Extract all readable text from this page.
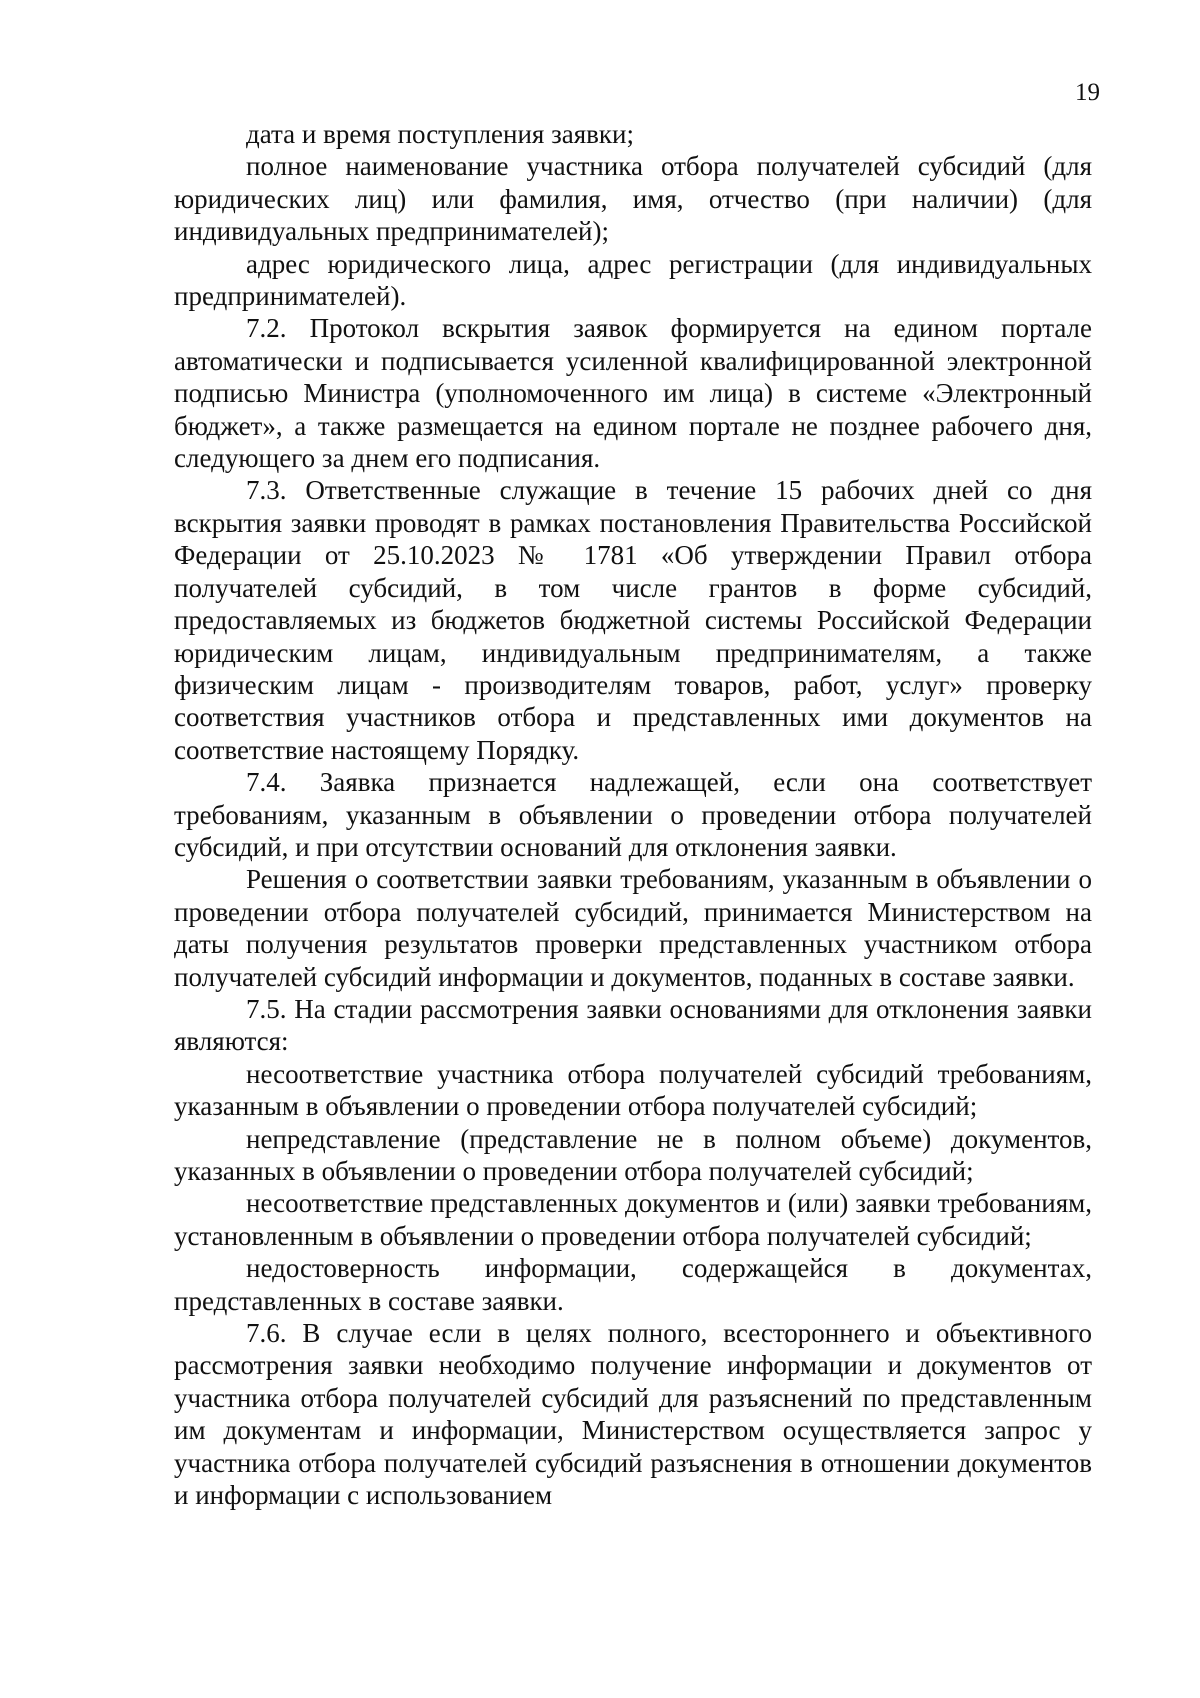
19

дата и время поступления заявки;

полное наименование участника отбора получателей субсидий (для юридических лиц) или фамилия, имя, отчество (при наличии) (для индивидуальных предпринимателей);

адрес юридического лица, адрес регистрации (для индивидуальных предпринимателей).

7.2. Протокол вскрытия заявок формируется на едином портале автоматически и подписывается усиленной квалифицированной электронной подписью Министра (уполномоченного им лица) в системе «Электронный бюджет», а также размещается на едином портале не позднее рабочего дня, следующего за днем его подписания.

7.3. Ответственные служащие в течение 15 рабочих дней со дня вскрытия заявки проводят в рамках постановления Правительства Российской Федерации от 25.10.2023 № 1781 «Об утверждении Правил отбора получателей субсидий, в том числе грантов в форме субсидий, предоставляемых из бюджетов бюджетной системы Российской Федерации юридическим лицам, индивидуальным предпринимателям, а также физическим лицам - производителям товаров, работ, услуг» проверку соответствия участников отбора и представленных ими документов на соответствие настоящему Порядку.

7.4. Заявка признается надлежащей, если она соответствует требованиям, указанным в объявлении о проведении отбора получателей субсидий, и при отсутствии оснований для отклонения заявки.

Решения о соответствии заявки требованиям, указанным в объявлении о проведении отбора получателей субсидий, принимается Министерством на даты получения результатов проверки представленных участником отбора получателей субсидий информации и документов, поданных в составе заявки.

7.5. На стадии рассмотрения заявки основаниями для отклонения заявки являются:

несоответствие участника отбора получателей субсидий требованиям, указанным в объявлении о проведении отбора получателей субсидий;

непредставление (представление не в полном объеме) документов, указанных в объявлении о проведении отбора получателей субсидий;

несоответствие представленных документов и (или) заявки требованиям, установленным в объявлении о проведении отбора получателей субсидий;

недостоверность информации, содержащейся в документах, представленных в составе заявки.

7.6. В случае если в целях полного, всестороннего и объективного рассмотрения заявки необходимо получение информации и документов от участника отбора получателей субсидий для разъяснений по представленным им документам и информации, Министерством осуществляется запрос у участника отбора получателей субсидий разъяснения в отношении документов и информации с использованием
